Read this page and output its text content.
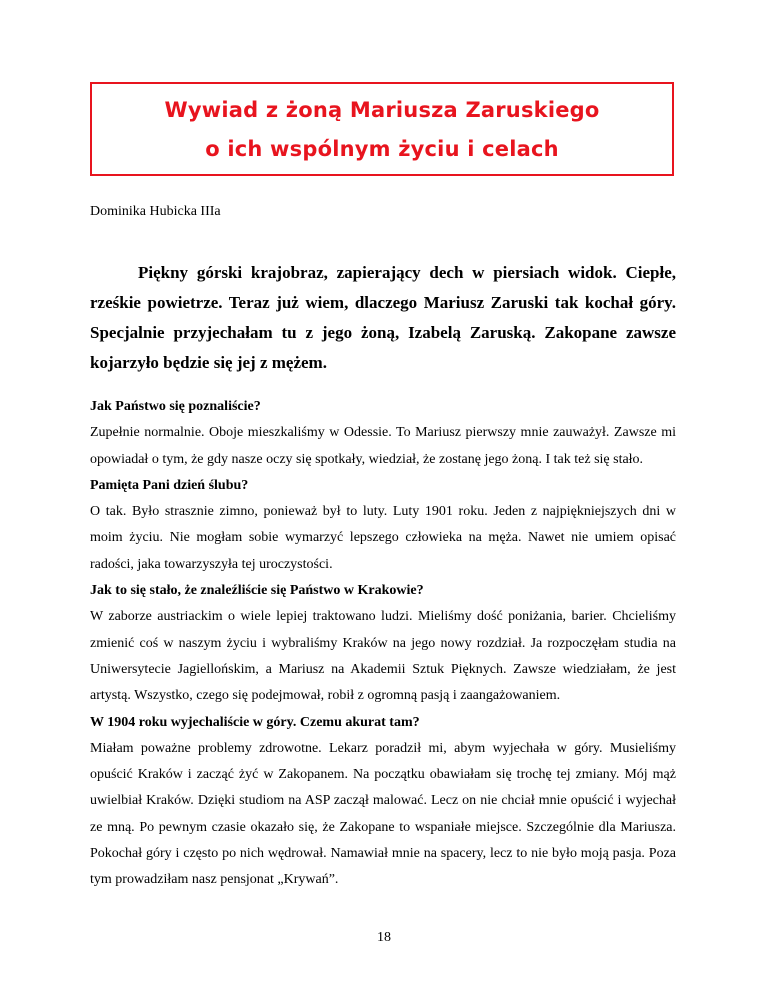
Wywiad z żoną Mariusza Zaruskiego
o ich wspólnym życiu i celach
Dominika Hubicka IIIa

Piękny górski krajobraz, zapierający dech w piersiach widok. Ciepłe, rześkie powietrze. Teraz już wiem, dlaczego Mariusz Zaruski tak kochał góry. Specjalnie przyjechałam tu z jego żoną, Izabelą Zaruską. Zakopane zawsze kojarzyło będzie się jej z mężem.

Jak Państwo się poznaliście?

Zupełnie normalnie. Oboje mieszkaliśmy w Odessie. To Mariusz pierwszy mnie zauważył. Zawsze mi opowiadał o tym, że gdy nasze oczy się spotkały, wiedział, że zostanę jego żoną. I tak też się stało.

Pamięta Pani dzień ślubu?

O tak. Było strasznie zimno, ponieważ był to luty. Luty 1901 roku. Jeden z najpiękniejszych dni w moim życiu. Nie mogłam sobie wymarzyć lepszego człowieka na męża. Nawet nie umiem opisać radości, jaka towarzyszyła tej uroczystości.

Jak to się stało, że znaleźliście się Państwo w Krakowie?

W zaborze austriackim o wiele lepiej traktowano ludzi. Mieliśmy dość poniżania, barier. Chcieliśmy zmienić coś w naszym życiu i wybraliśmy Kraków na jego nowy rozdział. Ja rozpoczęłam studia na Uniwersytecie Jagiellońskim, a Mariusz na Akademii Sztuk Pięknych. Zawsze wiedziałam, że jest artystą. Wszystko, czego się podejmował, robił z ogromną pasją i zaangażowaniem.

W 1904 roku wyjechaliście w góry. Czemu akurat tam?

Miałam poważne problemy zdrowotne. Lekarz poradził mi, abym wyjechała w góry. Musieliśmy opuścić Kraków i zacząć żyć w Zakopanem. Na początku obawiałam się trochę tej zmiany. Mój mąż uwielbiał Kraków. Dzięki studiom na ASP zaczął malować. Lecz on nie chciał mnie opuścić i wyjechał ze mną. Po pewnym czasie okazało się, że Zakopane to wspaniałe miejsce. Szczególnie dla Mariusza. Pokochał góry i często po nich wędrował. Namawiał mnie na spacery, lecz to nie było moją pasja. Poza tym prowadziłam nasz pensjonat „Krywań”.

18
